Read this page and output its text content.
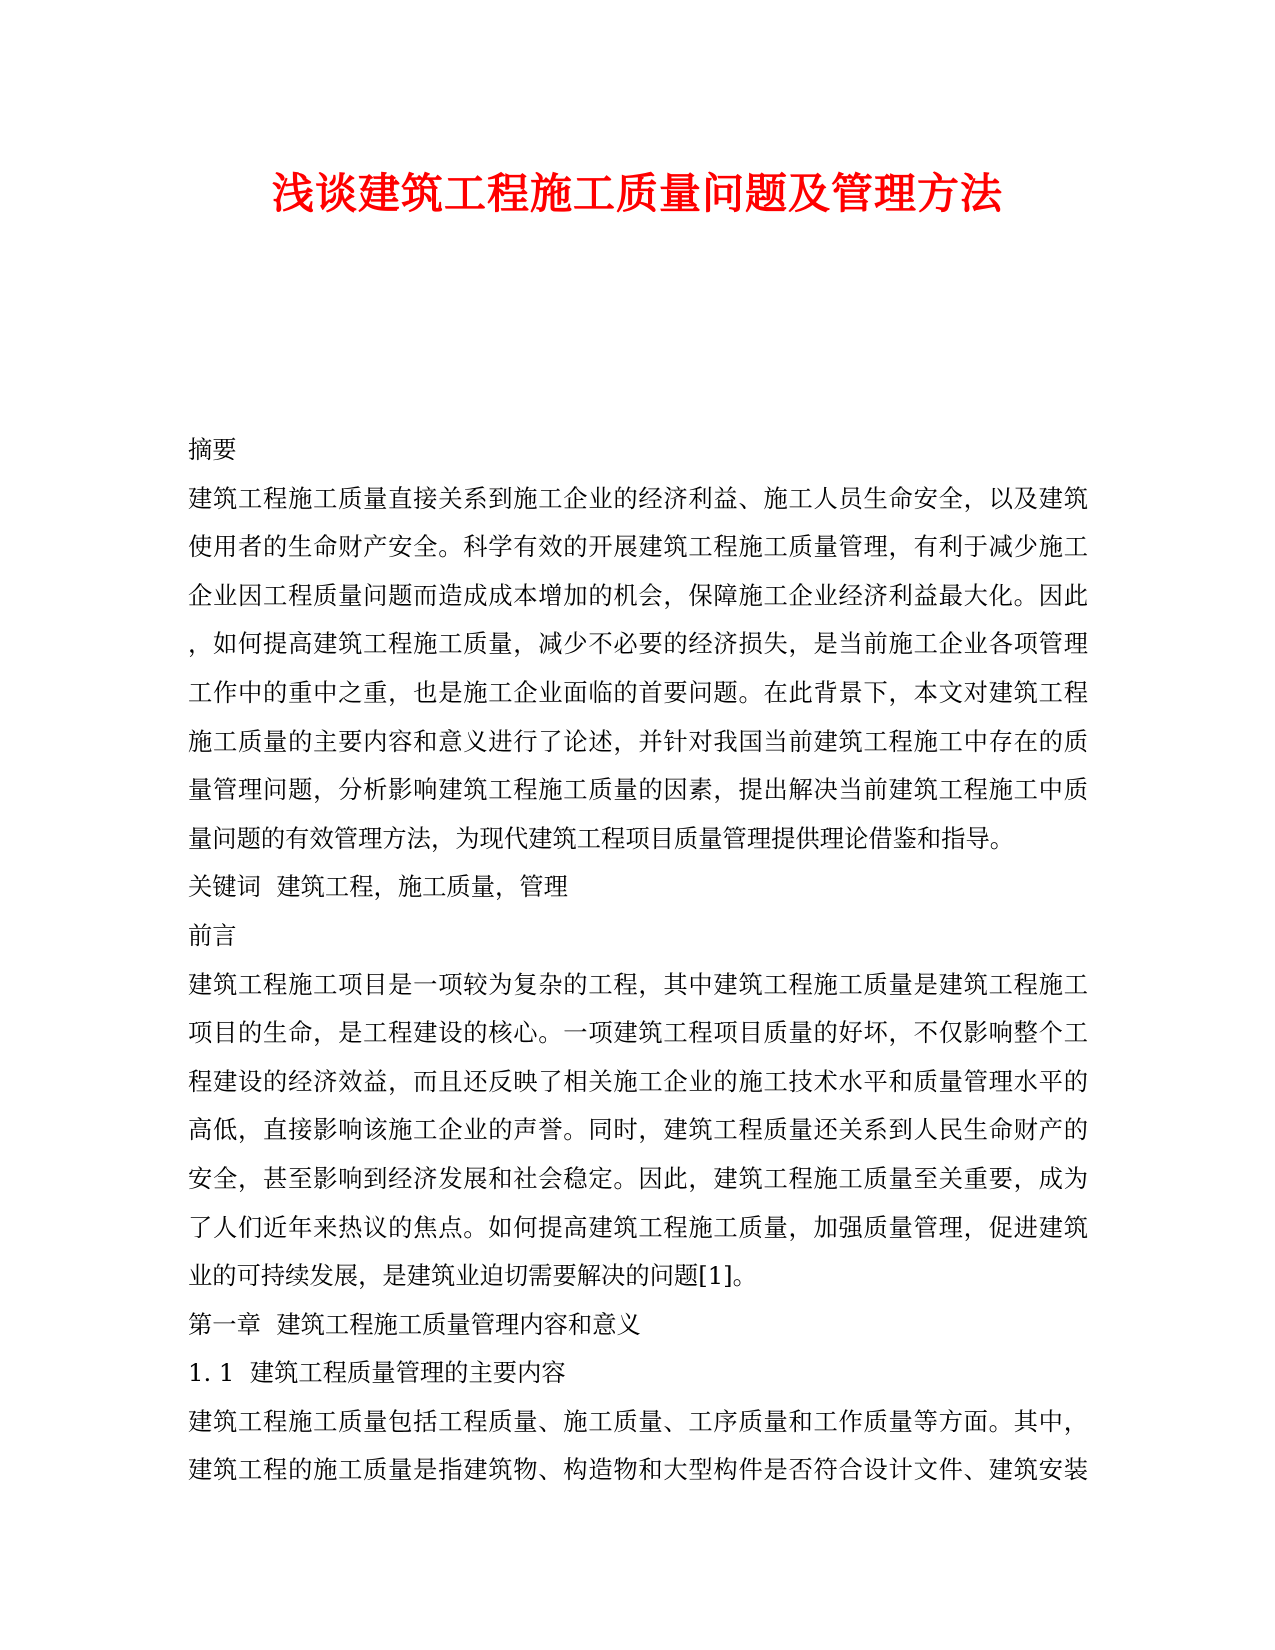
浅谈建筑工程施工质量问题及管理方法
摘要
建筑工程施工质量直接关系到施工企业的经济利益、施工人员生命安全，以及建筑
使用者的生命财产安全。科学有效的开展建筑工程施工质量管理，有利于减少施工
企业因工程质量问题而造成成本增加的机会，保障施工企业经济利益最大化。因此
，如何提高建筑工程施工质量，减少不必要的经济损失，是当前施工企业各项管理
工作中的重中之重，也是施工企业面临的首要问题。在此背景下，本文对建筑工程
施工质量的主要内容和意义进行了论述，并针对我国当前建筑工程施工中存在的质
量管理问题，分析影响建筑工程施工质量的因素，提出解决当前建筑工程施工中质
量问题的有效管理方法，为现代建筑工程项目质量管理提供理论借鉴和指导。
关键词  建筑工程，施工质量，管理
前言
建筑工程施工项目是一项较为复杂的工程，其中建筑工程施工质量是建筑工程施工
项目的生命，是工程建设的核心。一项建筑工程项目质量的好坏，不仅影响整个工
程建设的经济效益，而且还反映了相关施工企业的施工技术水平和质量管理水平的
高低，直接影响该施工企业的声誉。同时，建筑工程质量还关系到人民生命财产的
安全，甚至影响到经济发展和社会稳定。因此，建筑工程施工质量至关重要，成为
了人们近年来热议的焦点。如何提高建筑工程施工质量，加强质量管理，促进建筑
业的可持续发展，是建筑业迫切需要解决的问题[1]。
第一章  建筑工程施工质量管理内容和意义
1. 1  建筑工程质量管理的主要内容
建筑工程施工质量包括工程质量、施工质量、工序质量和工作质量等方面。其中，
建筑工程的施工质量是指建筑物、构造物和大型构件是否符合设计文件、建筑安装
